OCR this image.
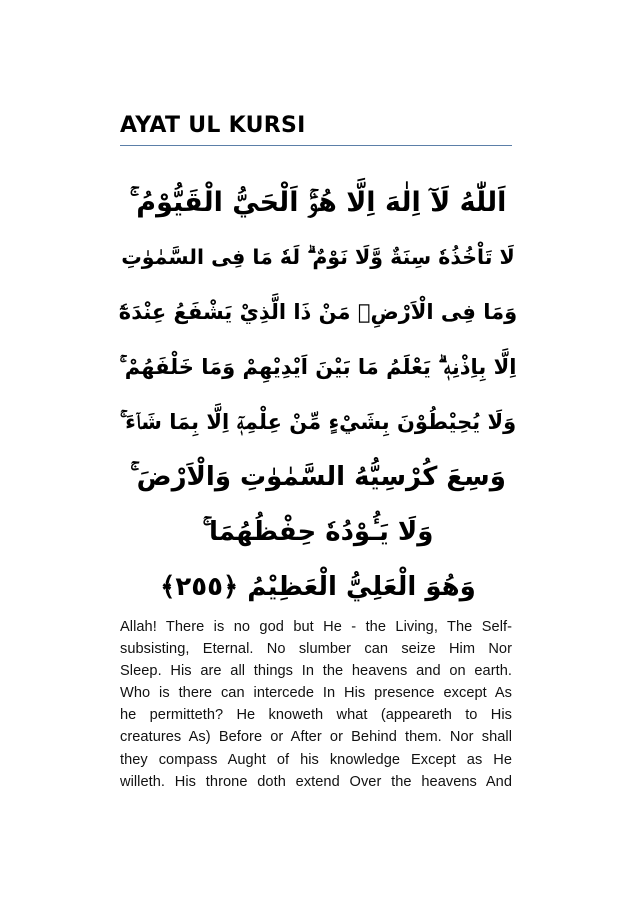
AYAT UL KURSI
اَللّٰهُ لَآ اِلٰهَ اِلَّا هُوَۚ اَلْحَيُّ الْقَيُّوْمُ ۚ
لَا تَاْخُذُهٗ سِنَةٌ وَّلَا نَوْمٌ ۗ لَهٗ مَا فِى السَّمٰوٰتِ
وَمَا فِى الْاَرْضِۗ مَنْ ذَا الَّذِيْ يَشْفَعُ عِنْدَهٗٓ
اِلَّا بِاِذْنِهٖ ۗ يَعْلَمُ مَا بَيْنَ اَيْدِيْهِمْ وَمَا خَلْفَهُمْ ۚ
وَلَا يُحِيْطُوْنَ بِشَيْءٍ مِّنْ عِلْمِهٖٓ اِلَّا بِمَا شَاۤءَ ۚ
وَسِعَ كُرْسِيُّهُ السَّمٰوٰتِ وَالْاَرْضَ ۚ
وَلَا يَـُٔوْدُهٗ حِفْظُهُمَا ۚ
وَهُوَ الْعَلِيُّ الْعَظِيْمُ ﴿٢٥٥﴾
Allah! There is no god but He - the Living, The Self-
subsisting, Eternal. No slumber can seize Him Nor
Sleep. His are all things In the heavens and on earth.
Who is there can intercede In His presence except As
he permitteth? He knoweth what (appeareth to His
creatures As) Before or After or Behind them. Nor shall
they compass Aught of his knowledge Except as He
willeth. His throne doth extend Over the heavens And
